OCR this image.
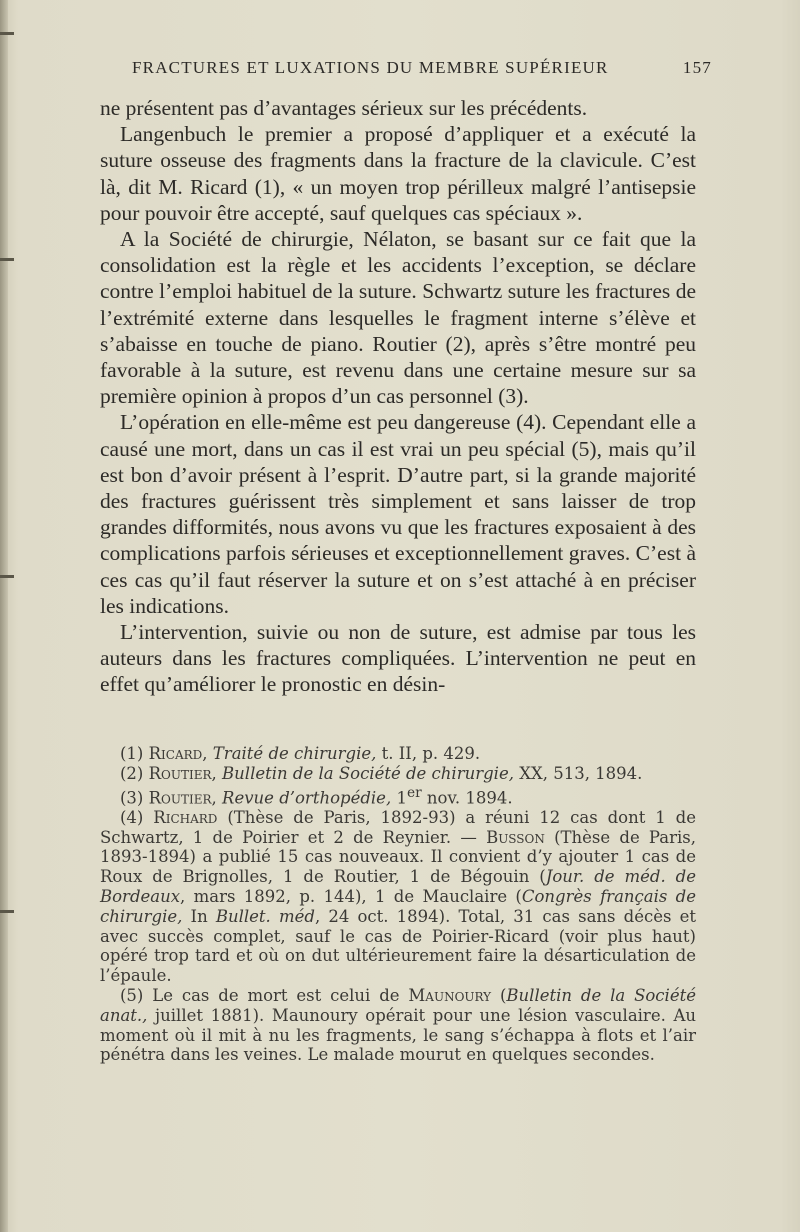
FRACTURES ET LUXATIONS DU MEMBRE SUPÉRIEUR	157

ne présentent pas d’avantages sérieux sur les précédents.

Langenbuch le premier a proposé d’appliquer et a exécuté la suture osseuse des fragments dans la fracture de la clavicule. C’est là, dit M. Ricard (1), « un moyen trop périlleux malgré l’antisepsie pour pouvoir être accepté, sauf quelques cas spéciaux ».

A la Société de chirurgie, Nélaton, se basant sur ce fait que la consolidation est la règle et les accidents l’exception, se déclare contre l’emploi habituel de la suture. Schwartz suture les fractures de l’extrémité externe dans lesquelles le fragment interne s’élève et s’abaisse en touche de piano. Routier (2), après s’être montré peu favorable à la suture, est revenu dans une certaine mesure sur sa première opinion à propos d’un cas personnel (3).

L’opération en elle-même est peu dangereuse (4). Cependant elle a causé une mort, dans un cas il est vrai un peu spécial (5), mais qu’il est bon d’avoir présent à l’esprit. D’autre part, si la grande majorité des fractures guérissent très simplement et sans laisser de trop grandes difformités, nous avons vu que les fractures exposaient à des complications parfois sérieuses et exceptionnellement graves. C’est à ces cas qu’il faut réserver la suture et on s’est attaché à en préciser les indications.

L’intervention, suivie ou non de suture, est admise par tous les auteurs dans les fractures compliquées. L’intervention ne peut en effet qu’améliorer le pronostic en désin-

(1) Ricard, Traité de chirurgie, t. II, p. 429.

(2) Routier, Bulletin de la Société de chirurgie, XX, 513, 1894.

(3) Routier, Revue d’orthopédie, 1er nov. 1894.

(4) Richard (Thèse de Paris, 1892-93) a réuni 12 cas dont 1 de Schwartz, 1 de Poirier et 2 de Reynier. — Busson (Thèse de Paris, 1893-1894) a publié 15 cas nouveaux. Il convient d’y ajouter 1 cas de Roux de Brignolles, 1 de Routier, 1 de Bégouin (Jour. de méd. de Bordeaux, mars 1892, p. 144), 1 de Mauclaire (Congrès français de chirurgie, In Bullet. méd, 24 oct. 1894). Total, 31 cas sans décès et avec succès complet, sauf le cas de Poirier-Ricard (voir plus haut) opéré trop tard et où on dut ultérieurement faire la désarticulation de l’épaule.

(5) Le cas de mort est celui de Maunoury (Bulletin de la Société anat., juillet 1881). Maunoury opérait pour une lésion vasculaire. Au moment où il mit à nu les fragments, le sang s’échappa à flots et l’air pénétra dans les veines. Le malade mourut en quelques secondes.
